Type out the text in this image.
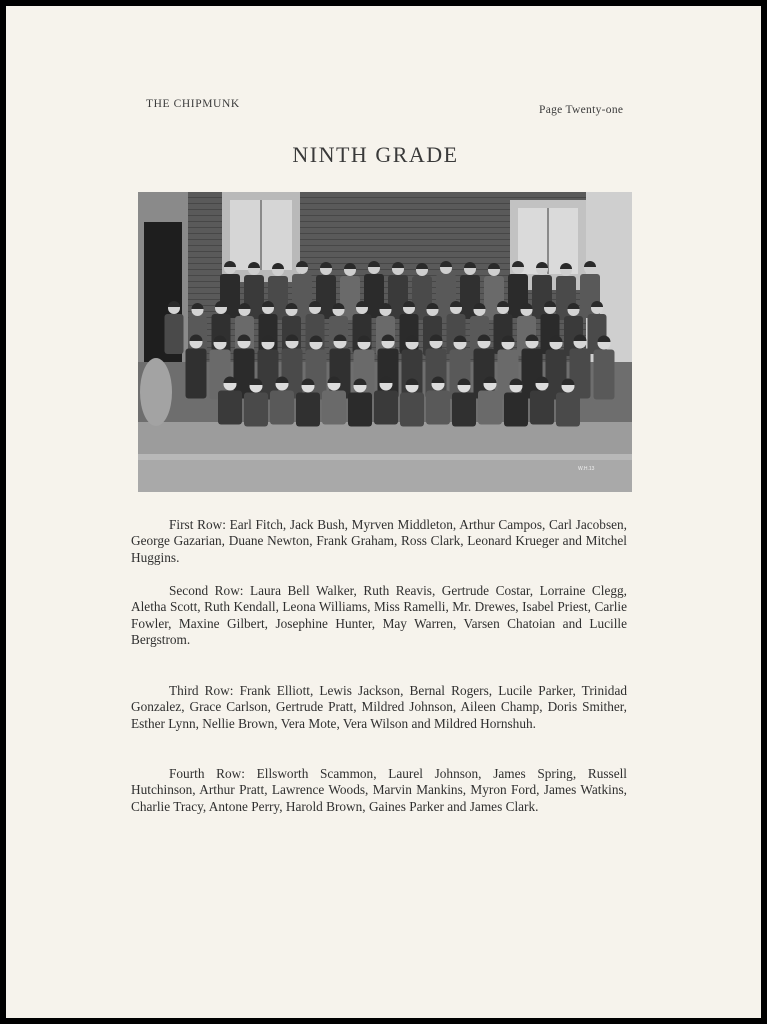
THE CHIPMUNK	Page Twenty-one
NINTH GRADE
W.H.13

First Row: Earl Fitch, Jack Bush, Myrven Middleton, Arthur Campos, Carl Jacobsen, George Gazarian, Duane Newton, Frank Graham, Ross Clark, Leonard Krueger and Mitchel Huggins.

Second Row: Laura Bell Walker, Ruth Reavis, Gertrude Costar, Lorraine Clegg, Aletha Scott, Ruth Kendall, Leona Williams, Miss Ramelli, Mr. Drewes, Isabel Priest, Carlie Fowler, Maxine Gilbert, Josephine Hunter, May Warren, Varsen Chatoian and Lucille Bergstrom.

Third Row: Frank Elliott, Lewis Jackson, Bernal Rogers, Lucile Parker, Trinidad Gonzalez, Grace Carlson, Gertrude Pratt, Mildred Johnson, Aileen Champ, Doris Smither, Esther Lynn, Nellie Brown, Vera Mote, Vera Wilson and Mildred Hornshuh.

Fourth Row: Ellsworth Scammon, Laurel Johnson, James Spring, Russell Hutchinson, Arthur Pratt, Lawrence Woods, Marvin Mankins, Myron Ford, James Watkins, Charlie Tracy, Antone Perry, Harold Brown, Gaines Parker and James Clark.
